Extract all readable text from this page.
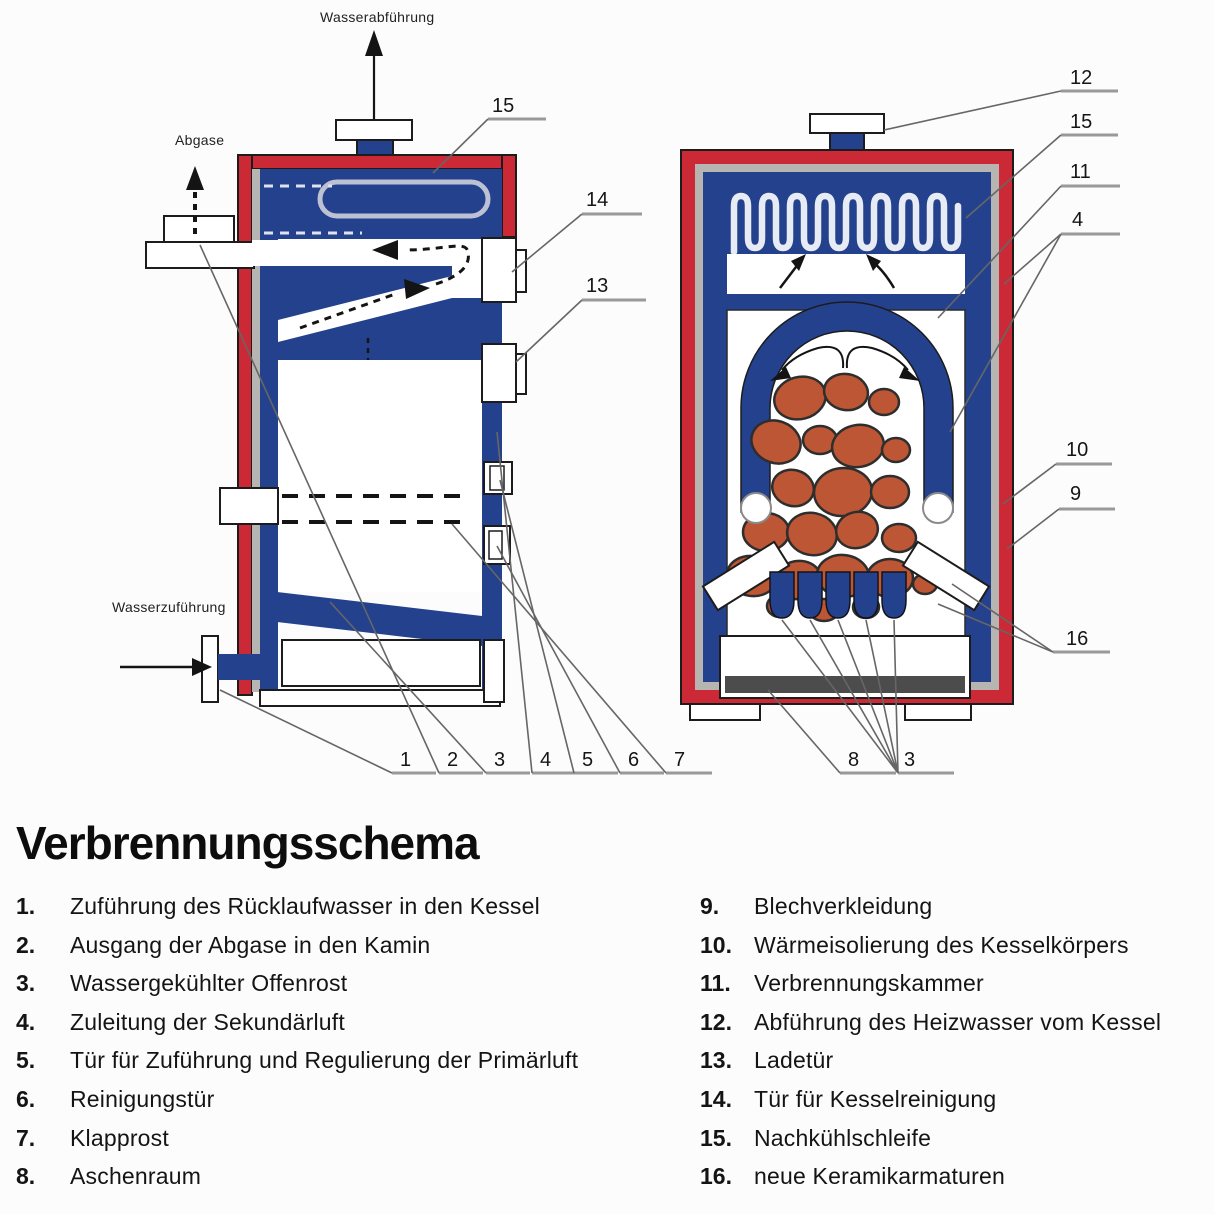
Wasserabführung
Abgase
Wasserzuführung
15
14
13
1 2 3 4 5 6 7
12
15
11
4
10
9
16
8 3
Verbrennungsschema
1.	Zuführung des Rücklaufwasser in den Kessel
2.	Ausgang der Abgase in den Kamin
3.	Wassergekühlter Offenrost
4.	Zuleitung der Sekundärluft
5.	Tür für Zuführung und Regulierung der Primärluft
6.	Reinigungstür
7.	Klapprost
8.	Aschenraum
9.	Blechverkleidung
10. Wärmeisolierung des Kesselkörpers
11.	Verbrennungskammer
12. Abführung des Heizwasser vom Kessel
13. Ladetür
14. Tür für Kesselreinigung
15. Nachkühlschleife
16. neue Keramikarmaturen
